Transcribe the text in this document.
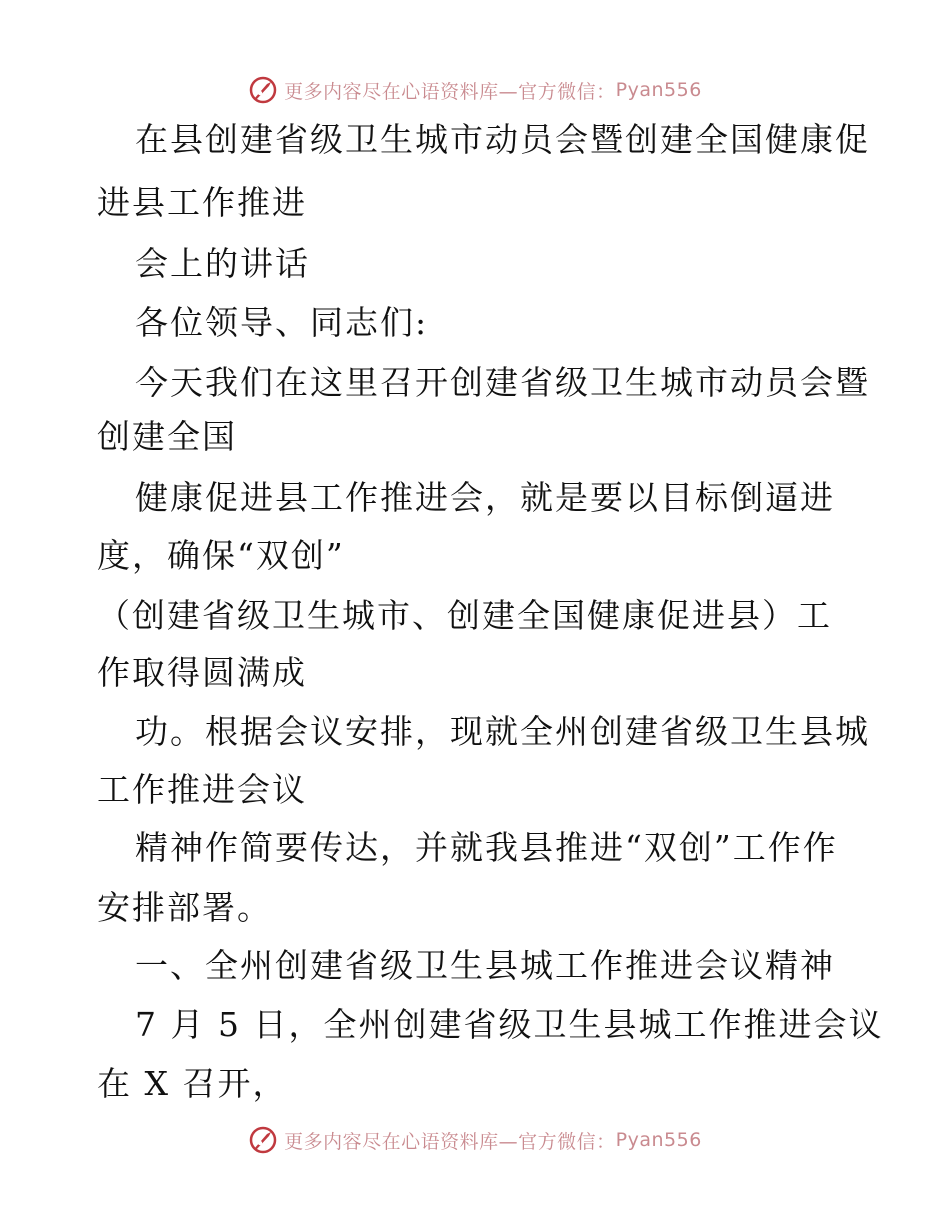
更多内容尽在心语资料库—官方微信： Pyan556
在县创建省级卫生城市动员会暨创建全国健康促
进县工作推进
会上的讲话
各位领导、同志们:
今天我们在这里召开创建省级卫生城市动员会暨
创建全国
健康促进县工作推进会，就是要以目标倒逼进
度，确保“双创”
（创建省级卫生城市、创建全国健康促进县）工
作取得圆满成
功。根据会议安排，现就全州创建省级卫生县城
工作推进会议
精神作简要传达，并就我县推进“双创”工作作
安排部署。
一、全州创建省级卫生县城工作推进会议精神
7 月 5 日，全州创建省级卫生县城工作推进会议
在 X 召开，
更多内容尽在心语资料库—官方微信： Pyan556
